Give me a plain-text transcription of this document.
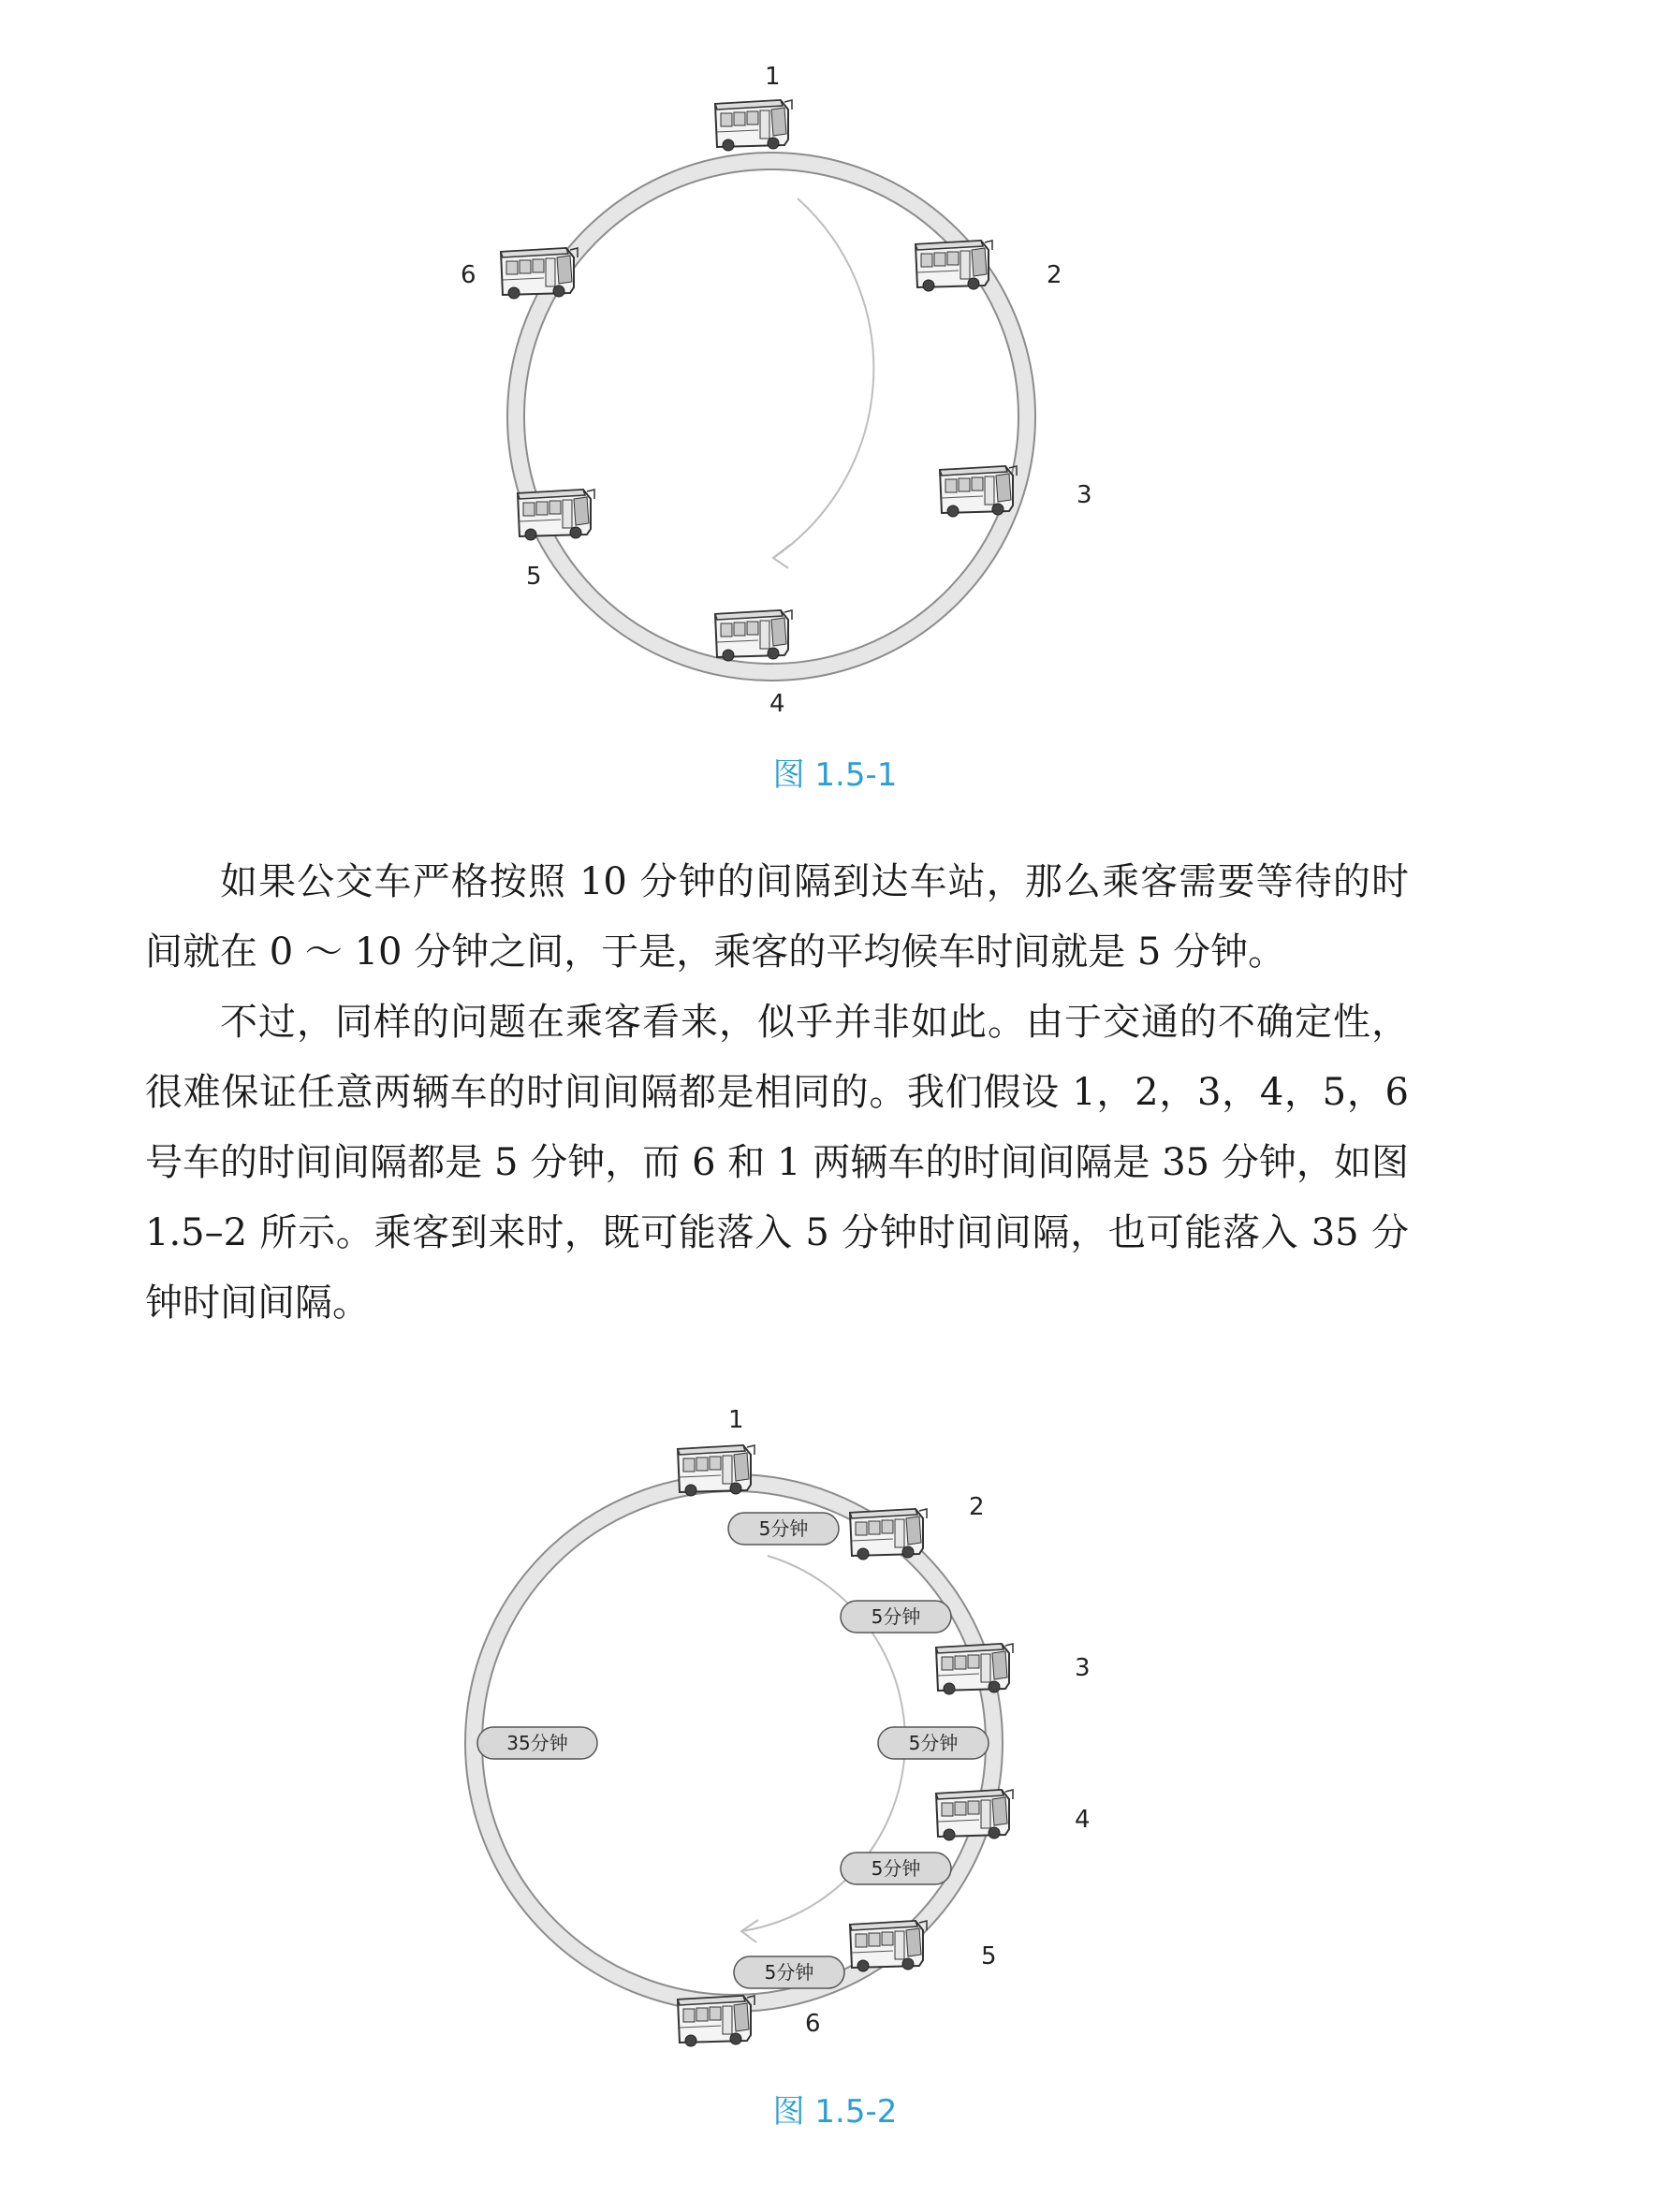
1
2
3
4
5
6
1
2
3
4
5
6
5分钟
5分钟
5分钟
5分钟
5分钟
35分钟
图 1.5-1

如果公交车严格按照 10 分钟的间隔到达车站，那么乘客需要等待的时间就在 0 ～ 10 分钟之间，于是，乘客的平均候车时间就是 5 分钟。

不过，同样的问题在乘客看来，似乎并非如此。由于交通的不确定性，很难保证任意两辆车的时间间隔都是相同的。我们假设 1，2，3，4，5，6 号车的时间间隔都是 5 分钟，而 6 和 1 两辆车的时间间隔是 35 分钟，如图 1.5–2 所示。乘客到来时，既可能落入 5 分钟时间间隔，也可能落入 35 分钟时间间隔。

图 1.5-2
